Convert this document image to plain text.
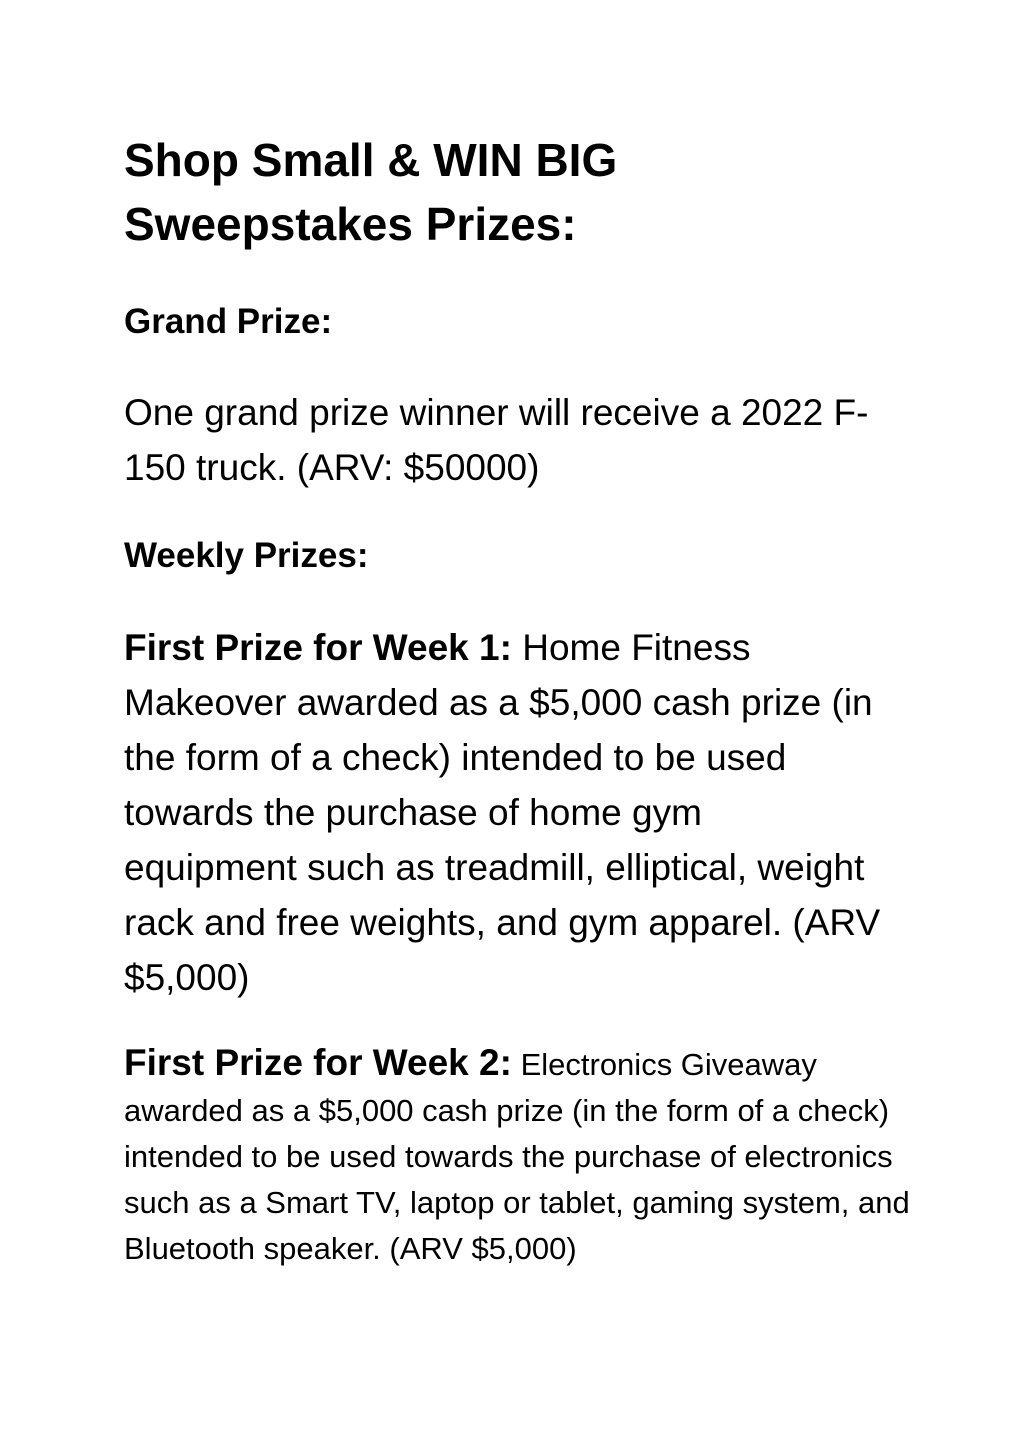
Shop Small & WIN BIG Sweepstakes Prizes:
Grand Prize:

One grand prize winner will receive a 2022 F-150 truck. (ARV: $50000)

Weekly Prizes:

First Prize for Week 1: Home Fitness Makeover awarded as a $5,000 cash prize (in the form of a check) intended to be used towards the purchase of home gym equipment such as treadmill, elliptical, weight rack and free weights, and gym apparel. (ARV $5,000)

First Prize for Week 2: Electronics Giveaway awarded as a $5,000 cash prize (in the form of a check) intended to be used towards the purchase of electronics such as a Smart TV, laptop or tablet, gaming system, and Bluetooth speaker. (ARV $5,000)
